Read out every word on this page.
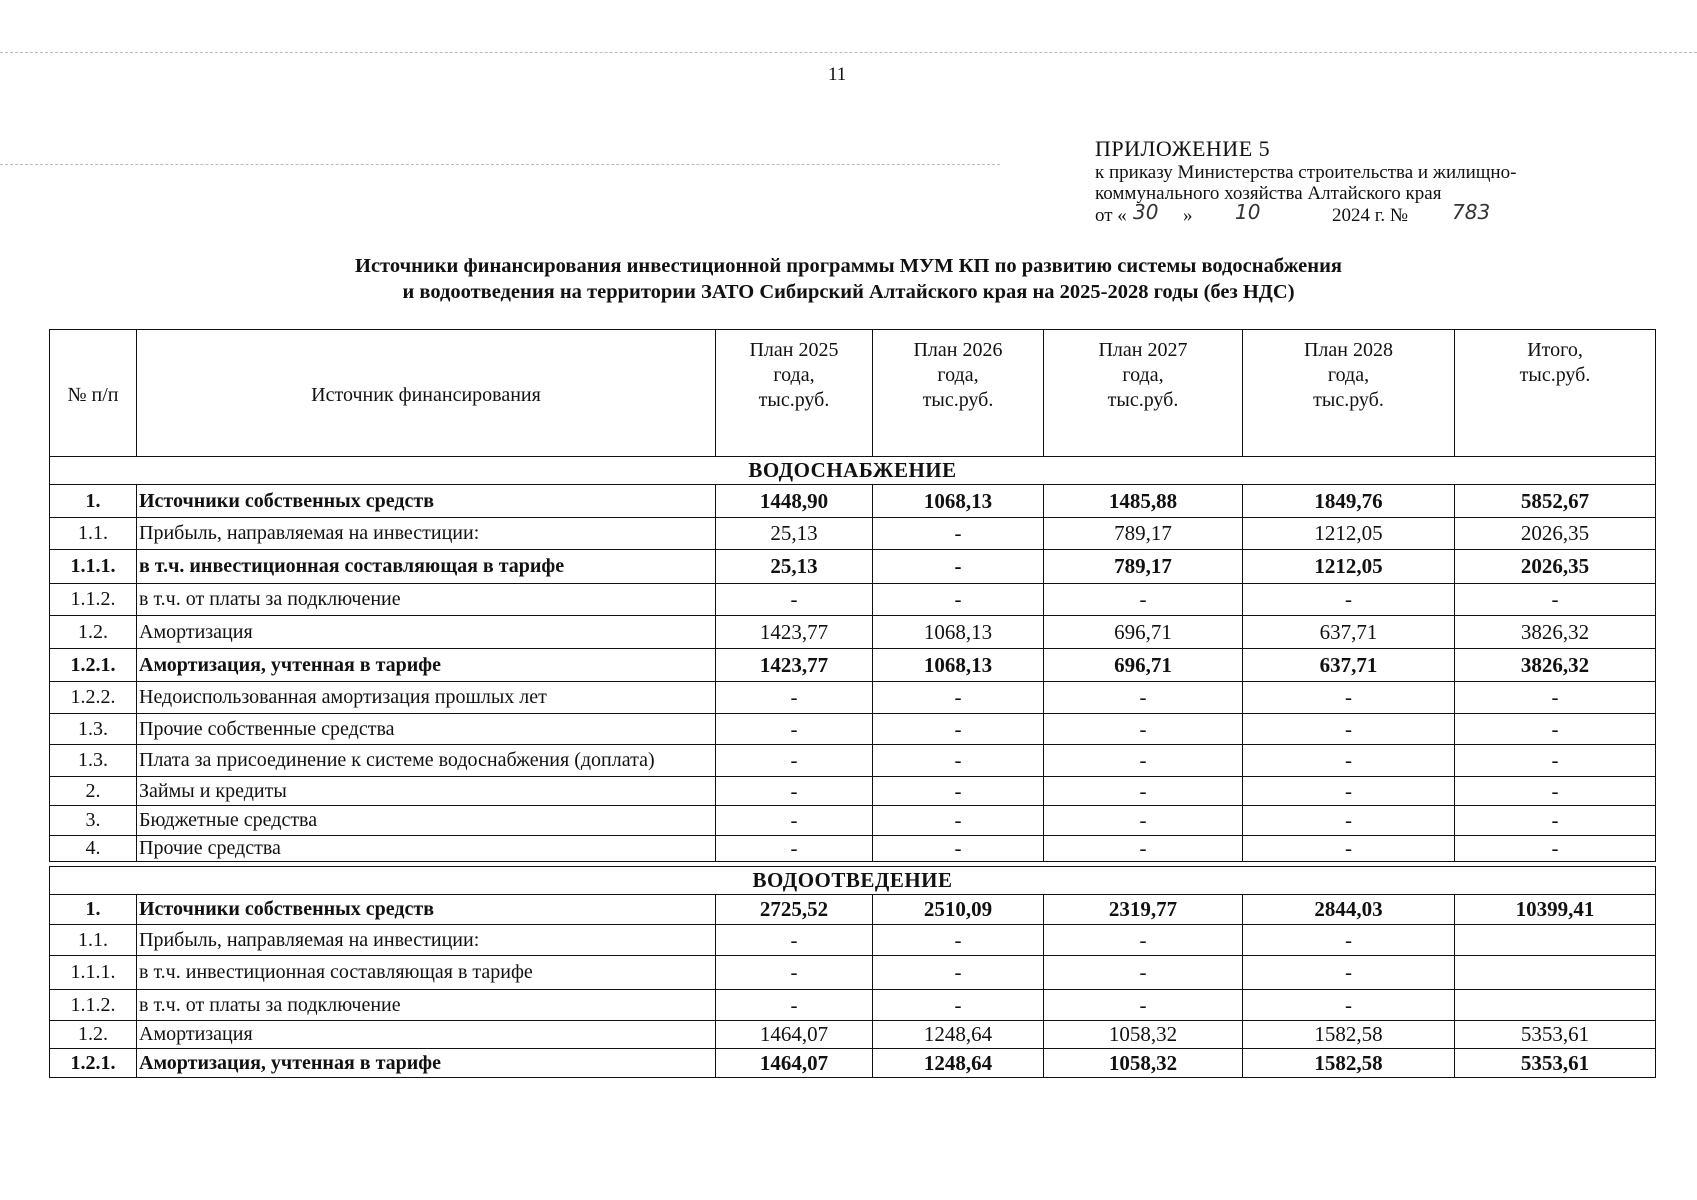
11
ПРИЛОЖЕНИЕ 5
к приказу Министерства строительства и жилищно-
коммунального хозяйства Алтайского края
от « 30 » 10	2024 г. № 783
Источники финансирования инвестиционной программы МУМ КП по развитию системы водоснабжения
и водоотведения на территории ЗАТО Сибирский Алтайского края на 2025-2028 годы (без НДС)
№ п/п	Источник финансирования	План 2025 года, тыс.руб.	План 2026 года, тыс.руб.	План 2027 года, тыс.руб.	План 2028 года, тыс.руб.	Итого, тыс.руб.
ВОДОСНАБЖЕНИЕ						
1.	Источники собственных средств	1448,90	1068,13	1485,88	1849,76	5852,67
1.1.	Прибыль, направляемая на инвестиции:	25,13	-	789,17	1212,05	2026,35
1.1.1.	в т.ч. инвестиционная составляющая в тарифе	25,13	-	789,17	1212,05	2026,35
1.1.2.	в т.ч. от платы за подключение	-	-	-	-	-
1.2.	Амортизация	1423,77	1068,13	696,71	637,71	3826,32
1.2.1.	Амортизация, учтенная в тарифе	1423,77	1068,13	696,71	637,71	3826,32
1.2.2.	Недоиспользованная амортизация прошлых лет	-	-	-	-	-
1.3.	Прочие собственные средства	-	-	-	-	-
1.3.	Плата за присоединение к системе водоснабжения (доплата)	-	-	-	-	-
2.	Займы и кредиты	-	-	-	-	-
3.	Бюджетные средства	-	-	-	-	-
4.	Прочие средства	-	-	-	-	-

ВОДООТВЕДЕНИЕ						
1.	Источники собственных средств	2725,52	2510,09	2319,77	2844,03	10399,41
1.1.	Прибыль, направляемая на инвестиции:	-	-	-	-	
1.1.1.	в т.ч. инвестиционная составляющая в тарифе	-	-	-	-	
1.1.2.	в т.ч. от платы за подключение	-	-	-	-	
1.2.	Амортизация	1464,07	1248,64	1058,32	1582,58	5353,61
1.2.1.	Амортизация, учтенная в тарифе	1464,07	1248,64	1058,32	1582,58	5353,61
